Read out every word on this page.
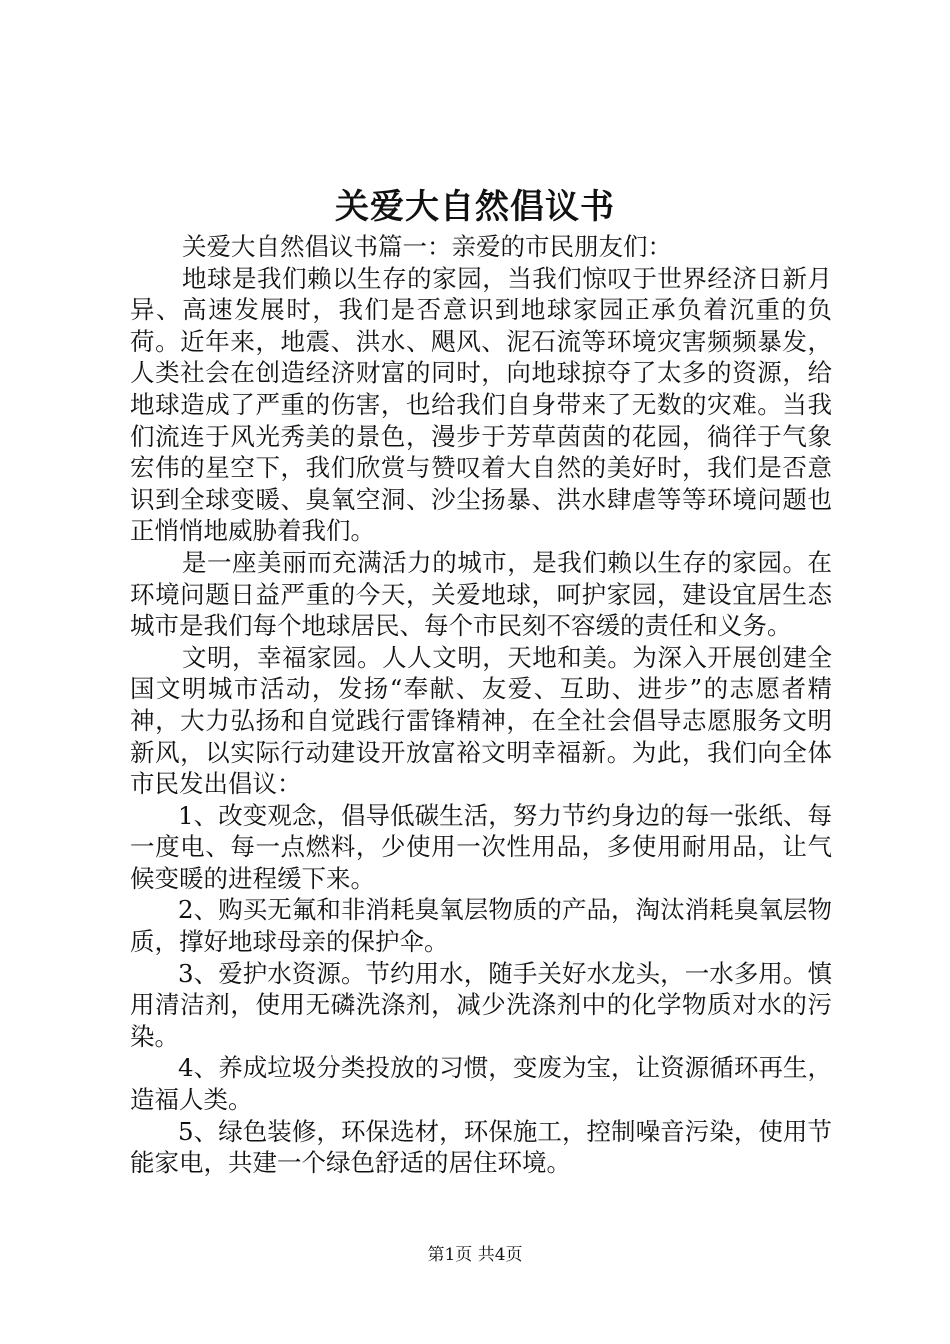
关爱大自然倡议书

关爱大自然倡议书篇一：亲爱的市民朋友们：

地球是我们赖以生存的家园，当我们惊叹于世界经济日新月异、高速发展时，我们是否意识到地球家园正承负着沉重的负荷。近年来，地震、洪水、飓风、泥石流等环境灾害频频暴发，人类社会在创造经济财富的同时，向地球掠夺了太多的资源，给地球造成了严重的伤害，也给我们自身带来了无数的灾难。当我们流连于风光秀美的景色，漫步于芳草茵茵的花园，徜徉于气象宏伟的星空下，我们欣赏与赞叹着大自然的美好时，我们是否意识到全球变暖、臭氧空洞、沙尘扬暴、洪水肆虐等等环境问题也正悄悄地威胁着我们。

是一座美丽而充满活力的城市，是我们赖以生存的家园。在环境问题日益严重的今天，关爱地球，呵护家园，建设宜居生态城市是我们每个地球居民、每个市民刻不容缓的责任和义务。

文明，幸福家园。人人文明，天地和美。为深入开展创建全国文明城市活动，发扬“奉献、友爱、互助、进步”的志愿者精神，大力弘扬和自觉践行雷锋精神，在全社会倡导志愿服务文明新风，以实际行动建设开放富裕文明幸福新。为此，我们向全体市民发出倡议：

1、改变观念，倡导低碳生活，努力节约身边的每一张纸、每一度电、每一点燃料，少使用一次性用品，多使用耐用品，让气候变暖的进程缓下来。

2、购买无氟和非消耗臭氧层物质的产品，淘汰消耗臭氧层物质，撑好地球母亲的保护伞。

3、爱护水资源。节约用水，随手关好水龙头，一水多用。慎用清洁剂，使用无磷洗涤剂，减少洗涤剂中的化学物质对水的污染。

4、养成垃圾分类投放的习惯，变废为宝，让资源循环再生，造福人类。

5、绿色装修，环保选材，环保施工，控制噪音污染，使用节能家电，共建一个绿色舒适的居住环境。

第1页 共4页
